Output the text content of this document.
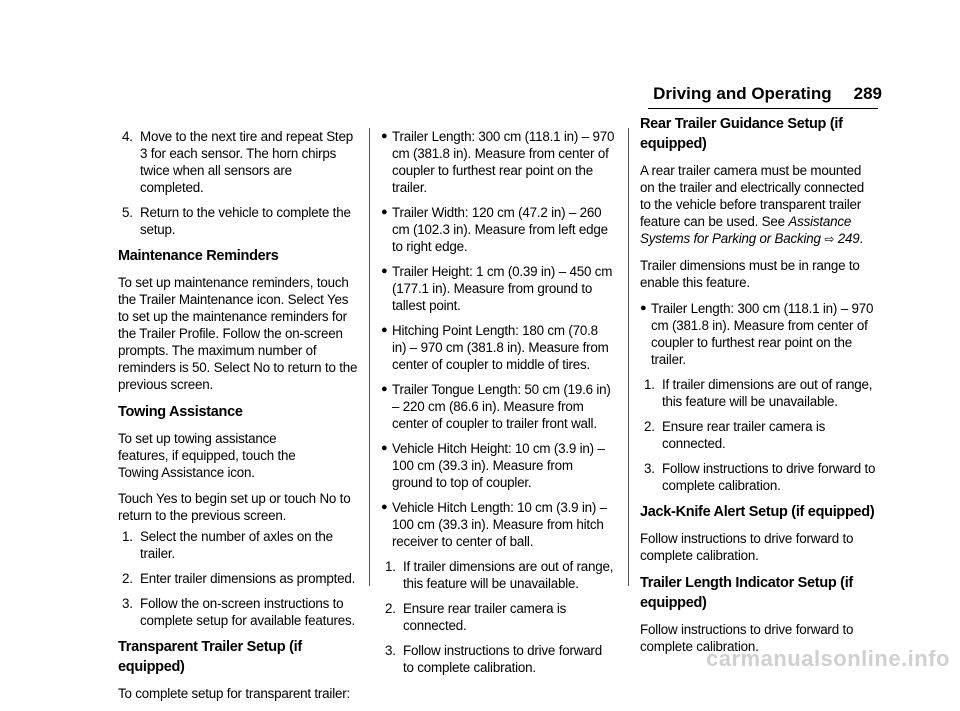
Driving and Operating 289
4. Move to the next tire and repeat Step 3 for each sensor. The horn chirps twice when all sensors are completed.
5. Return to the vehicle to complete the setup.
Maintenance Reminders

To set up maintenance reminders, touch the Trailer Maintenance icon. Select Yes to set up the maintenance reminders for the Trailer Profile. Follow the on-screen prompts. The maximum number of reminders is 50. Select No to return to the previous screen.

Towing Assistance

To set up towing assistance features, if equipped, touch the Towing Assistance icon.

Touch Yes to begin set up or touch No to return to the previous screen.

1. Select the number of axles on the trailer.
2. Enter trailer dimensions as prompted.
3. Follow the on-screen instructions to complete setup for available features.
Transparent Trailer Setup (if equipped)

To complete setup for transparent trailer:

● Trailer Length: 300 cm (118.1 in) – 970 cm (381.8 in). Measure from center of coupler to furthest rear point on the trailer.
● Trailer Width: 120 cm (47.2 in) – 260 cm (102.3 in). Measure from left edge to right edge.
● Trailer Height: 1 cm (0.39 in) – 450 cm (177.1 in). Measure from ground to tallest point.
● Hitching Point Length: 180 cm (70.8 in) – 970 cm (381.8 in). Measure from center of coupler to middle of tires.
● Trailer Tongue Length: 50 cm (19.6 in) – 220 cm (86.6 in). Measure from center of coupler to trailer front wall.
● Vehicle Hitch Height: 10 cm (3.9 in) – 100 cm (39.3 in). Measure from ground to top of coupler.
● Vehicle Hitch Length: 10 cm (3.9 in) – 100 cm (39.3 in). Measure from hitch receiver to center of ball.
1. If trailer dimensions are out of range, this feature will be unavailable.
2. Ensure rear trailer camera is connected.
3. Follow instructions to drive forward to complete calibration.
Rear Trailer Guidance Setup (if equipped)

A rear trailer camera must be mounted on the trailer and electrically connected to the vehicle before transparent trailer feature can be used. See Assistance Systems for Parking or Backing ⇨ 249.

Trailer dimensions must be in range to enable this feature.

● Trailer Length: 300 cm (118.1 in) – 970 cm (381.8 in). Measure from center of coupler to furthest rear point on the trailer.
1. If trailer dimensions are out of range, this feature will be unavailable.
2. Ensure rear trailer camera is connected.
3. Follow instructions to drive forward to complete calibration.
Jack-Knife Alert Setup (if equipped)

Follow instructions to drive forward to complete calibration.

Trailer Length Indicator Setup (if equipped)

Follow instructions to drive forward to complete calibration.

carmanualsonline.info
